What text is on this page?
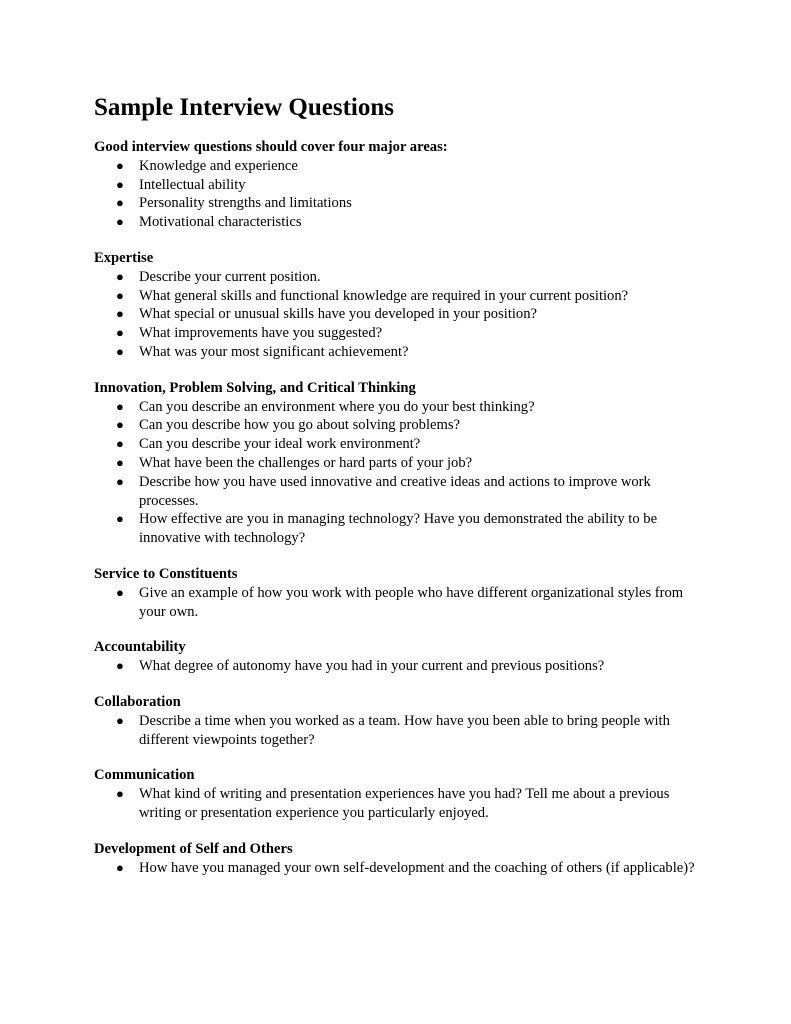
Sample Interview Questions
Good interview questions should cover four major areas:
● Knowledge and experience
● Intellectual ability
● Personality strengths and limitations
● Motivational characteristics
Expertise
● Describe your current position.
● What general skills and functional knowledge are required in your current position?
● What special or unusual skills have you developed in your position?
● What improvements have you suggested?
● What was your most significant achievement?
Innovation, Problem Solving, and Critical Thinking
● Can you describe an environment where you do your best thinking?
● Can you describe how you go about solving problems?
● Can you describe your ideal work environment?
● What have been the challenges or hard parts of your job?
● Describe how you have used innovative and creative ideas and actions to improve work processes.
● How effective are you in managing technology? Have you demonstrated the ability to be innovative with technology?
Service to Constituents
● Give an example of how you work with people who have different organizational styles from your own.
Accountability
● What degree of autonomy have you had in your current and previous positions?
Collaboration
● Describe a time when you worked as a team. How have you been able to bring people with different viewpoints together?
Communication
● What kind of writing and presentation experiences have you had? Tell me about a previous writing or presentation experience you particularly enjoyed.
Development of Self and Others
● How have you managed your own self-development and the coaching of others (if applicable)?
